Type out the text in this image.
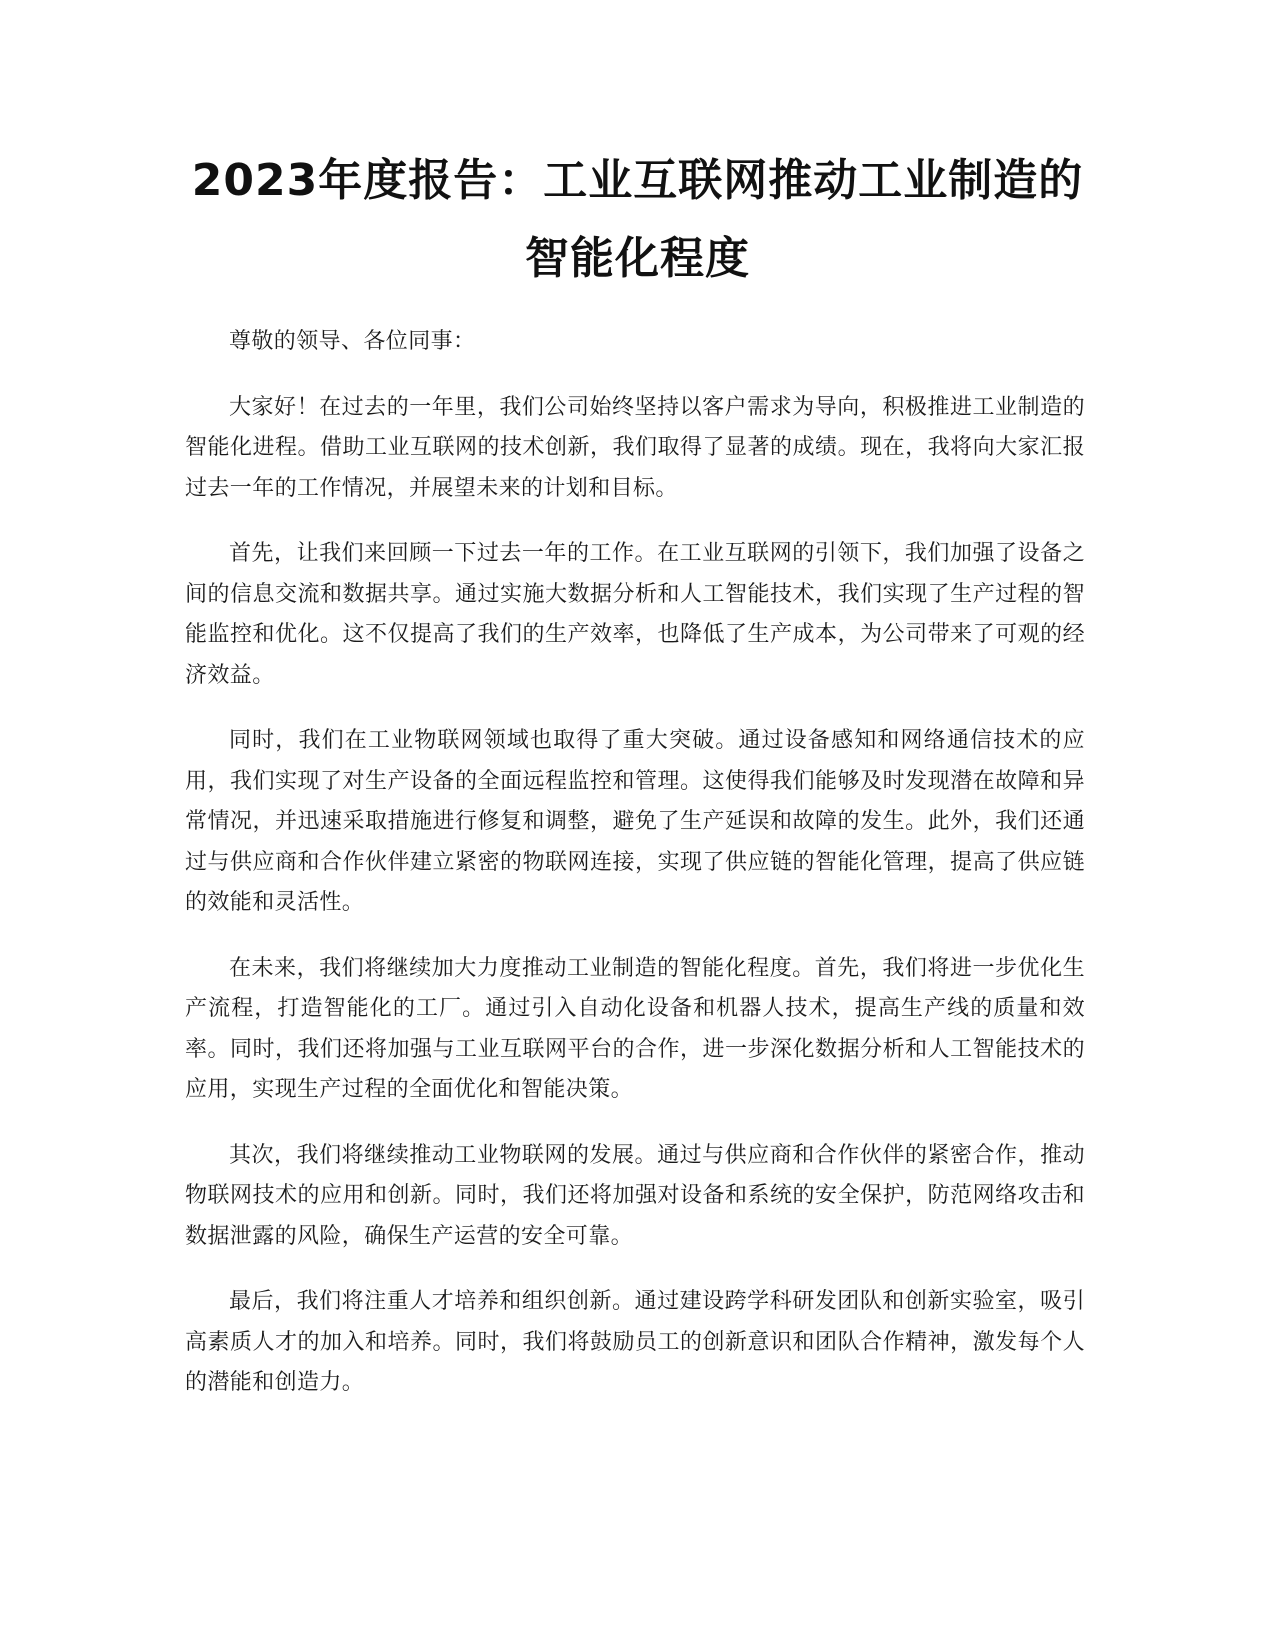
2023年度报告：工业互联网推动工业制造的
智能化程度

尊敬的领导、各位同事：

大家好！在过去的一年里，我们公司始终坚持以客户需求为导向，积极推进工业制造的智能化进程。借助工业互联网的技术创新，我们取得了显著的成绩。现在，我将向大家汇报过去一年的工作情况，并展望未来的计划和目标。

首先，让我们来回顾一下过去一年的工作。在工业互联网的引领下，我们加强了设备之间的信息交流和数据共享。通过实施大数据分析和人工智能技术，我们实现了生产过程的智能监控和优化。这不仅提高了我们的生产效率，也降低了生产成本，为公司带来了可观的经济效益。

同时，我们在工业物联网领域也取得了重大突破。通过设备感知和网络通信技术的应用，我们实现了对生产设备的全面远程监控和管理。这使得我们能够及时发现潜在故障和异常情况，并迅速采取措施进行修复和调整，避免了生产延误和故障的发生。此外，我们还通过与供应商和合作伙伴建立紧密的物联网连接，实现了供应链的智能化管理，提高了供应链的效能和灵活性。

在未来，我们将继续加大力度推动工业制造的智能化程度。首先，我们将进一步优化生产流程，打造智能化的工厂。通过引入自动化设备和机器人技术，提高生产线的质量和效率。同时，我们还将加强与工业互联网平台的合作，进一步深化数据分析和人工智能技术的应用，实现生产过程的全面优化和智能决策。

其次，我们将继续推动工业物联网的发展。通过与供应商和合作伙伴的紧密合作，推动物联网技术的应用和创新。同时，我们还将加强对设备和系统的安全保护，防范网络攻击和数据泄露的风险，确保生产运营的安全可靠。

最后，我们将注重人才培养和组织创新。通过建设跨学科研发团队和创新实验室，吸引高素质人才的加入和培养。同时，我们将鼓励员工的创新意识和团队合作精神，激发每个人的潜能和创造力。
